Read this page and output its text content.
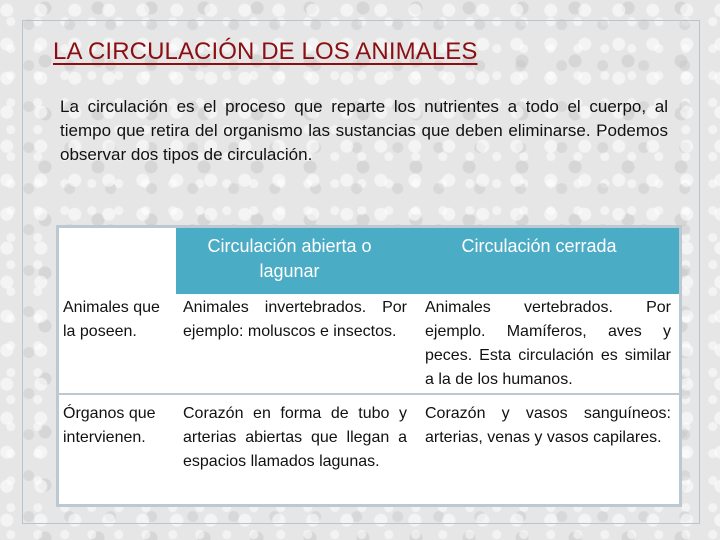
LA CIRCULACIÓN DE LOS ANIMALES

La circulación es el proceso que reparte los nutrientes a todo el cuerpo, al tiempo que retira del organismo las sustancias que deben eliminarse. Podemos observar dos tipos de circulación.

Circulación abierta o lagunar
Circulación cerrada
Animales que la poseen.
Animales invertebrados. Por ejemplo: moluscos e insectos.
Animales vertebrados. Por ejemplo. Mamíferos, aves y peces. Esta circulación es similar a la de los humanos.
Órganos que intervienen.
Corazón en forma de tubo y arterias abiertas que llegan a espacios llamados lagunas.
Corazón y vasos sanguíneos: arterias, venas y vasos capilares.
